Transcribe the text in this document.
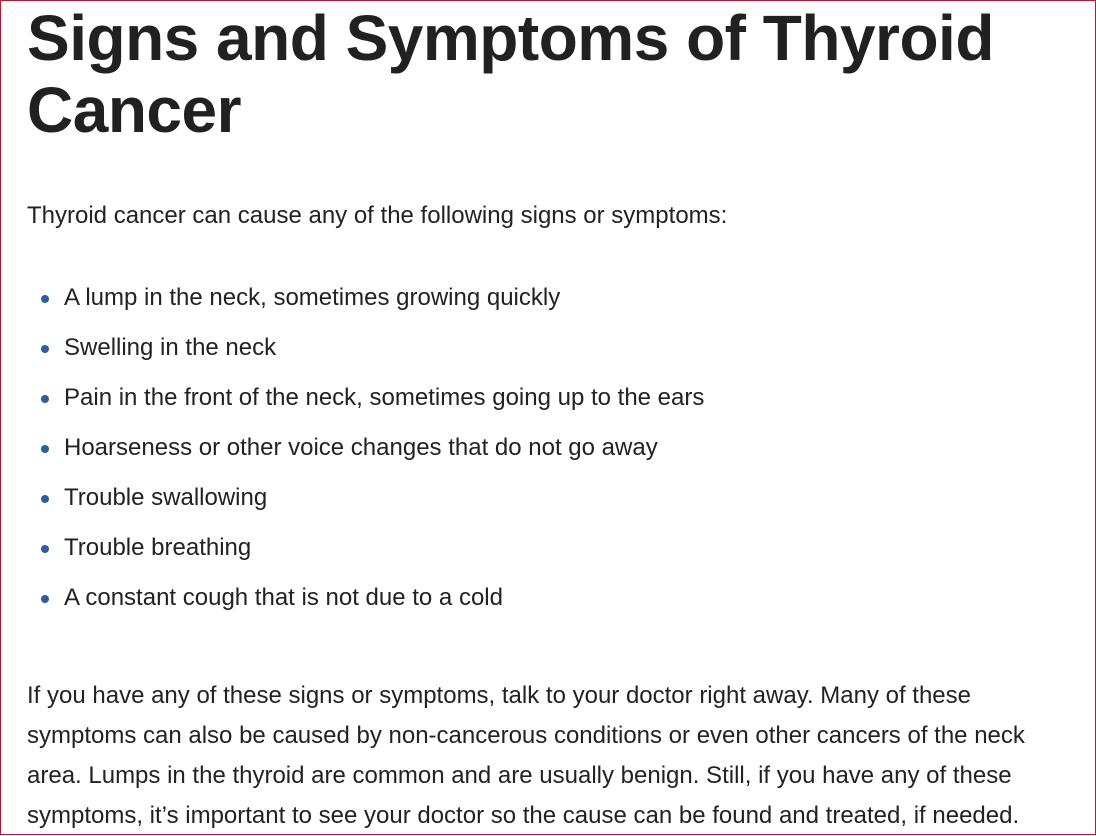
Signs and Symptoms of Thyroid Cancer

Thyroid cancer can cause any of the following signs or symptoms:

A lump in the neck, sometimes growing quickly
Swelling in the neck
Pain in the front of the neck, sometimes going up to the ears
Hoarseness or other voice changes that do not go away
Trouble swallowing
Trouble breathing
A constant cough that is not due to a cold

If you have any of these signs or symptoms, talk to your doctor right away. Many of these symptoms can also be caused by non-cancerous conditions or even other cancers of the neck area. Lumps in the thyroid are common and are usually benign. Still, if you have any of these symptoms, it’s important to see your doctor so the cause can be found and treated, if needed.
